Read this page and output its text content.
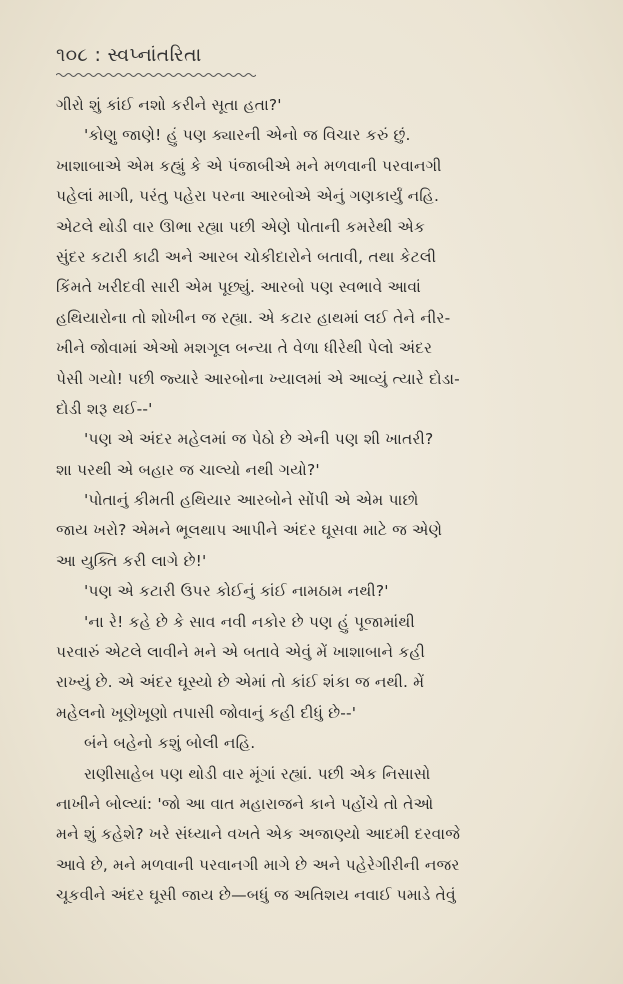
૧૦૮ : સ્વપ્નાંતરિતા
ગીરો શું કાંઈ નશો કરીને સૂતા હતા?'
'કોણુ જાણે! હું પણ ક્યારની એનો જ વિચાર કરું છું.
ખાશાબાએ એમ કહ્યું કે એ પંજાબીએ મને મળવાની પરવાનગી
પહેલાં માગી, પરંતુ પહેરા પરના આરબોએ એનું ગણકાર્યું નહિ.
એટલે થોડી વાર ઊભા રહ્યા પછી એણે પોતાની કમરેથી એક
સુંદર કટારી કાઢી અને આરબ ચોકીદારોને બતાવી, તથા કેટલી
કિંમતે ખરીદવી સારી એમ પૂછ્યું. આરબો પણ સ્વભાવે આવાં
હથિયારોના તો શોખીન જ રહ્યા. એ કટાર હાથમાં લઈ તેને નીર-
ખીને જોવામાં એઓ મશગૂલ બન્યા તે વેળા ધીરેથી પેલો અંદર
પેસી ગયો! પછી જ્યારે આરબોના ખ્યાલમાં એ આવ્યું ત્યારે દોડા-
દોડી શરૂ થઈ--'
'પણ એ અંદર મહેલમાં જ પેઠો છે એની પણ શી ખાતરી?
શા પરથી એ બહાર જ ચાલ્યો નથી ગયો?'
'પોતાનું કીમતી હથિયાર આરબોને સોંપી એ એમ પાછો
જાય ખરો? એમને ભૂલથાપ આપીને અંદર ઘૂસવા માટે જ એણે
આ યુક્તિ કરી લાગે છે!'
'પણ એ કટારી ઉપર કોઈનું કાંઈ નામઠામ નથી?'
'ના રે! કહે છે કે સાવ નવી નકોર છે પણ હું પૂજામાંથી
પરવારું એટલે લાવીને મને એ બતાવે એવું મેં ખાશાબાને કહી
રાખ્યું છે. એ અંદર ઘૂસ્યો છે એમાં તો કાંઈ શંકા જ નથી. મેં
મહેલનો ખૂણેખૂણો તપાસી જોવાનું કહી દીધું છે--'
બંને બહેનો કશું બોલી નહિ.
રાણીસાહેબ પણ થોડી વાર મૂંગાં રહ્યાં. પછી એક નિસાસો
નાખીને બોલ્યાં: 'જો આ વાત મહારાજને કાને પહોંચે તો તેઓ
મને શું કહેશે? ખરે સંધ્યાને વખતે એક અજાણ્યો આદમી દરવાજે
આવે છે, મને મળવાની પરવાનગી માગે છે અને પહેરેગીરીની નજર
ચૂકવીને અંદર ઘૂસી જાય છે—બધું જ અતિશય નવાઈ પમાડે તેવું
